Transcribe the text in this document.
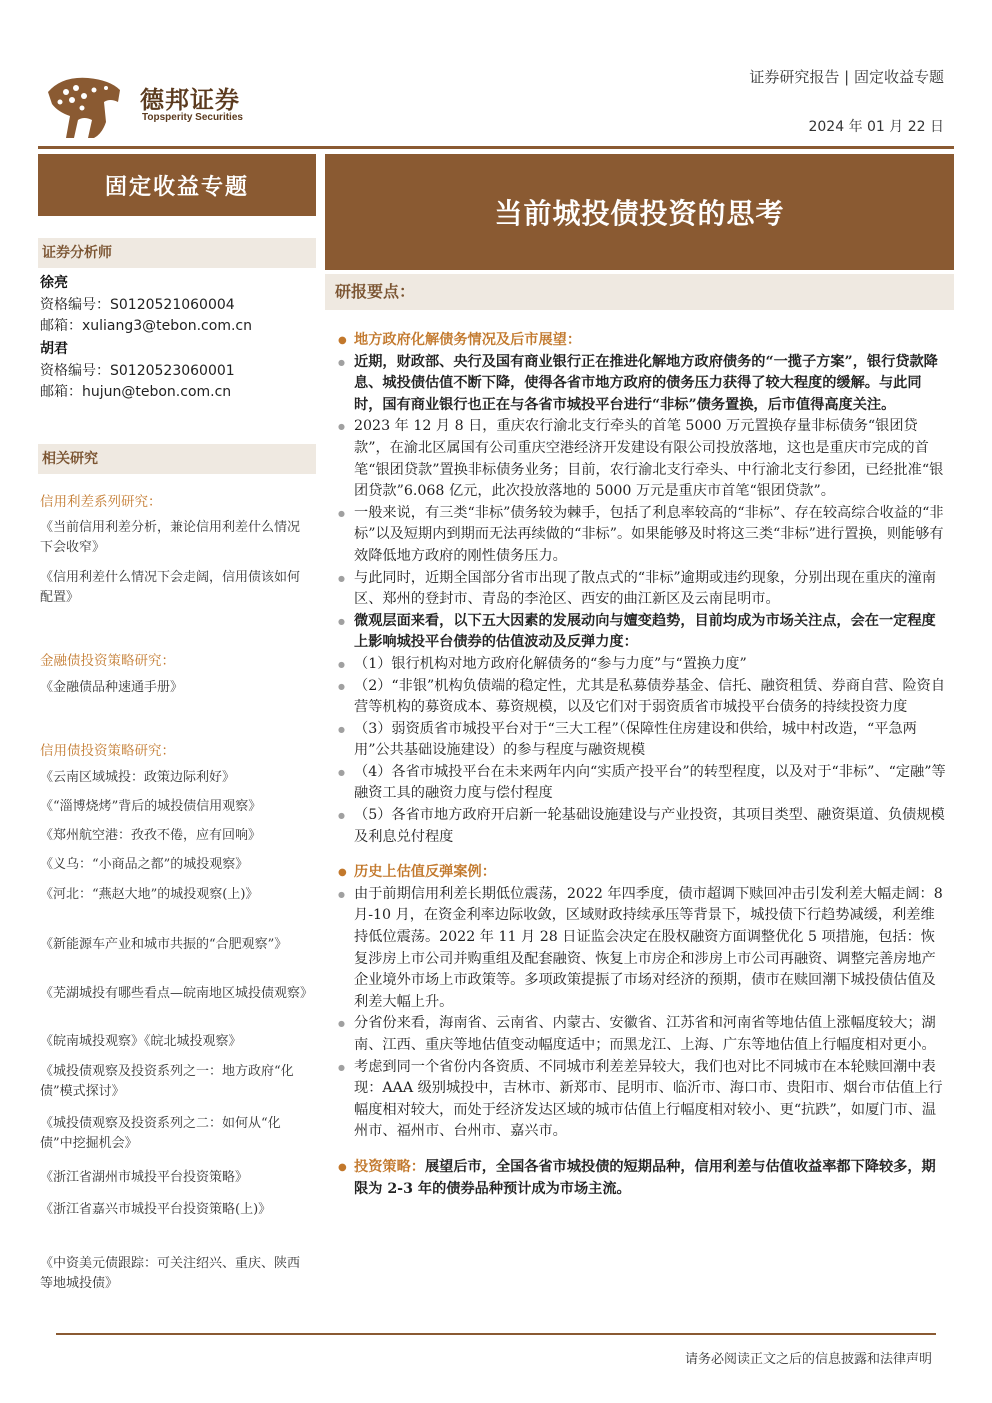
德邦证券
Topsperity Securities
证券研究报告 | 固定收益专题
2024 年 01 月 22 日
固定收益专题
证券分析师
徐亮
资格编号：S0120521060004
邮箱：xuliang3@tebon.com.cn
胡君
资格编号：S0120523060001
邮箱：hujun@tebon.com.cn
相关研究
信用利差系列研究：
《当前信用利差分析，兼论信用利差什么情况下会收窄》
《信用利差什么情况下会走阔，信用债该如何配置》
金融债投资策略研究：
《金融债品种速通手册》
信用债投资策略研究：
《云南区域城投：政策边际利好》
《“淄博烧烤”背后的城投债信用观察》
《郑州航空港：孜孜不倦，应有回响》
《义乌：“小商品之都”的城投观察》
《河北：“燕赵大地”的城投观察(上)》
《新能源车产业和城市共振的“合肥观察”》
《芜湖城投有哪些看点—皖南地区城投债观察》
《皖南城投观察》《皖北城投观察》
《城投债观察及投资系列之一：地方政府“化债”模式探讨》
《城投债观察及投资系列之二：如何从“化债”中挖掘机会》
《浙江省湖州市城投平台投资策略》
《浙江省嘉兴市城投平台投资策略(上)》
《中资美元债跟踪：可关注绍兴、重庆、陕西等地城投债》
当前城投债投资的思考
研报要点：

● 地方政府化解债务情况及后市展望：

● 近期，财政部、央行及国有商业银行正在推进化解地方政府债务的“一揽子方案”，银行贷款降息、城投债估值不断下降，使得各省市地方政府的债务压力获得了较大程度的缓解。与此同时，国有商业银行也正在与各省市城投平台进行“非标”债务置换，后市值得高度关注。

● 2023 年 12 月 8 日，重庆农行渝北支行牵头的首笔 5000 万元置换存量非标债务“银团贷款”，在渝北区属国有公司重庆空港经济开发建设有限公司投放落地，这也是重庆市完成的首笔“银团贷款”置换非标债务业务；目前，农行渝北支行牵头、中行渝北支行参团，已经批准“银团贷款”6.068 亿元，此次投放落地的 5000 万元是重庆市首笔“银团贷款”。

● 一般来说，有三类“非标”债务较为棘手，包括了利息率较高的“非标”、存在较高综合收益的“非标”以及短期内到期而无法再续做的“非标”。如果能够及时将这三类“非标”进行置换，则能够有效降低地方政府的刚性债务压力。

● 与此同时，近期全国部分省市出现了散点式的“非标”逾期或违约现象，分别出现在重庆的潼南区、郑州的登封市、青岛的李沧区、西安的曲江新区及云南昆明市。

● 微观层面来看，以下五大因素的发展动向与嬗变趋势，目前均成为市场关注点，会在一定程度上影响城投平台债券的估值波动及反弹力度：

● （1）银行机构对地方政府化解债务的“参与力度”与“置换力度”

● （2）“非银”机构负债端的稳定性，尤其是私募债券基金、信托、融资租赁、券商自营、险资自营等机构的募资成本、募资规模，以及它们对于弱资质省市城投平台债务的持续投资力度

● （3）弱资质省市城投平台对于“三大工程”（保障性住房建设和供给，城中村改造，“平急两用”公共基础设施建设）的参与程度与融资规模

● （4）各省市城投平台在未来两年内向“实质产投平台”的转型程度，以及对于“非标”、“定融”等融资工具的融资力度与偿付程度

● （5）各省市地方政府开启新一轮基础设施建设与产业投资，其项目类型、融资渠道、负债规模及利息兑付程度

● 历史上估值反弹案例：

● 由于前期信用利差长期低位震荡，2022 年四季度，债市超调下赎回冲击引发利差大幅走阔：8 月-10 月，在资金利率边际收敛，区域财政持续承压等背景下，城投债下行趋势减缓，利差维持低位震荡。2022 年 11 月 28 日证监会决定在股权融资方面调整优化 5 项措施，包括：恢复涉房上市公司并购重组及配套融资、恢复上市房企和涉房上市公司再融资、调整完善房地产企业境外市场上市政策等。多项政策提振了市场对经济的预期，债市在赎回潮下城投债估值及利差大幅上升。

● 分省份来看，海南省、云南省、内蒙古、安徽省、江苏省和河南省等地估值上涨幅度较大；湖南、江西、重庆等地估值变动幅度适中；而黑龙江、上海、广东等地估值上行幅度相对更小。

● 考虑到同一个省份内各资质、不同城市利差差异较大，我们也对比不同城市在本轮赎回潮中表现：AAA 级别城投中，吉林市、新郑市、昆明市、临沂市、海口市、贵阳市、烟台市估值上行幅度相对较大，而处于经济发达区域的城市估值上行幅度相对较小、更“抗跌”，如厦门市、温州市、福州市、台州市、嘉兴市。

● 投资策略：展望后市，全国各省市城投债的短期品种，信用利差与估值收益率都下降较多，期限为 2-3 年的债券品种预计成为市场主流。

请务必阅读正文之后的信息披露和法律声明
